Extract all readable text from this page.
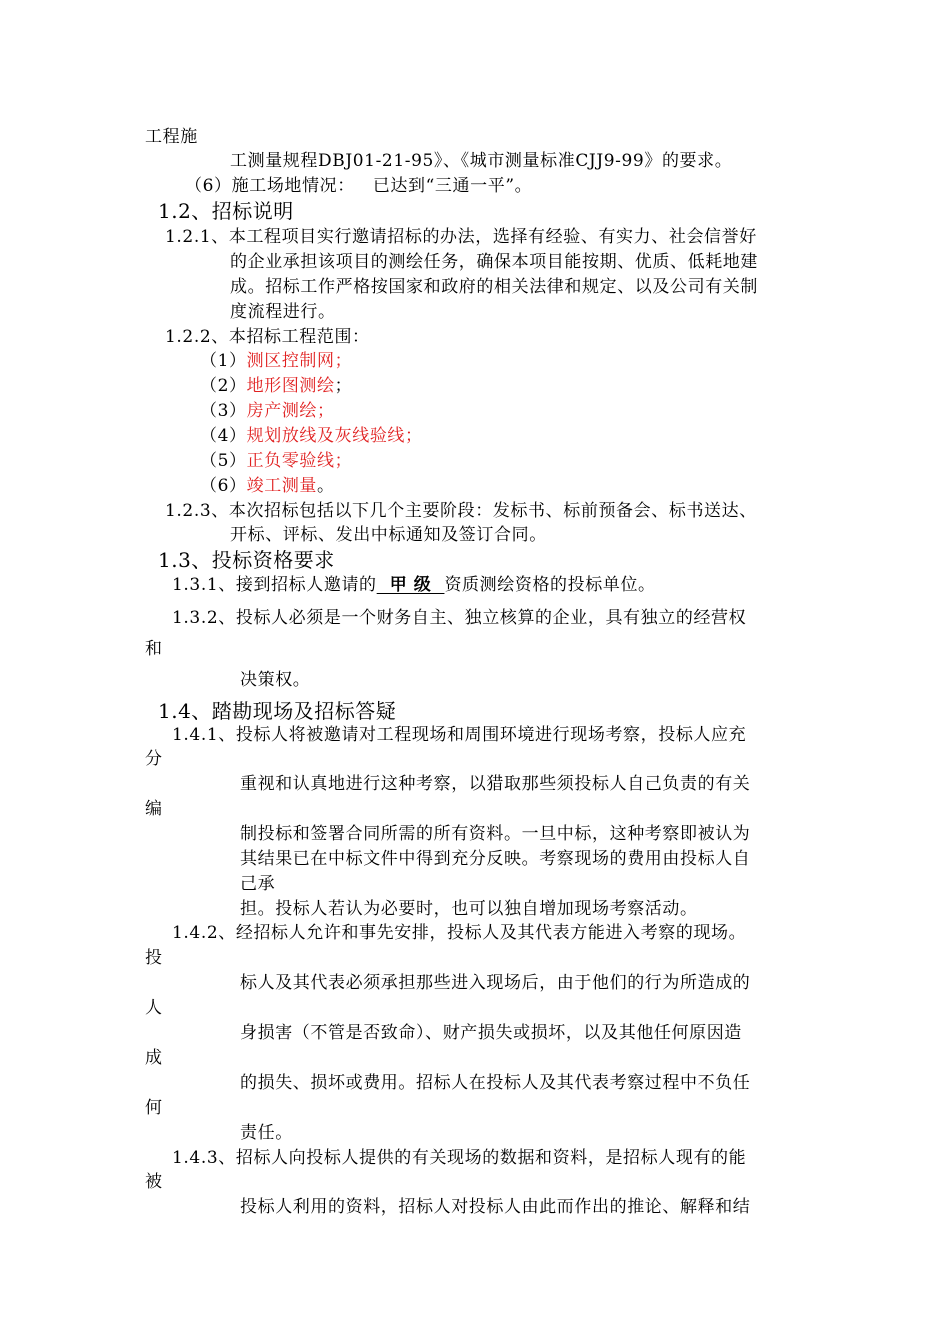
工程施
工测量规程DBJ01-21-95》、《城市测量标准CJJ9-99》的要求。
（6）施工场地情况： 已达到“三通一平”。
1.2、招标说明
1.2.1、本工程项目实行邀请招标的办法，选择有经验、有实力、社会信誉好
的企业承担该项目的测绘任务，确保本项目能按期、优质、低耗地建
成。招标工作严格按国家和政府的相关法律和规定、以及公司有关制
度流程进行。
1.2.2、本招标工程范围：
（1）测区控制网；
（2）地形图测绘；
（3）房产测绘；
（4）规划放线及灰线验线；
（5）正负零验线；
（6）竣工测量。
1.2.3、本次招标包括以下几个主要阶段：发标书、标前预备会、标书送达、
开标、评标、发出中标通知及签订合同。
1.3、投标资格要求
1.3.1、接到招标人邀请的  甲 级  资质测绘资格的投标单位。
1.3.2、投标人必须是一个财务自主、独立核算的企业，具有独立的经营权
和
决策权。
1.4、踏勘现场及招标答疑
1.4.1、投标人将被邀请对工程现场和周围环境进行现场考察，投标人应充
分
重视和认真地进行这种考察，以猎取那些须投标人自己负责的有关
编
制投标和签署合同所需的所有资料。一旦中标，这种考察即被认为
其结果已在中标文件中得到充分反映。考察现场的费用由投标人自
己承
担。投标人若认为必要时，也可以独自增加现场考察活动。
1.4.2、经招标人允许和事先安排，投标人及其代表方能进入考察的现场。
投
标人及其代表必须承担那些进入现场后，由于他们的行为所造成的
人
身损害（不管是否致命）、财产损失或损坏，以及其他任何原因造
成
的损失、损坏或费用。招标人在投标人及其代表考察过程中不负任
何
责任。
1.4.3、招标人向投标人提供的有关现场的数据和资料，是招标人现有的能
被
投标人利用的资料，招标人对投标人由此而作出的推论、解释和结
